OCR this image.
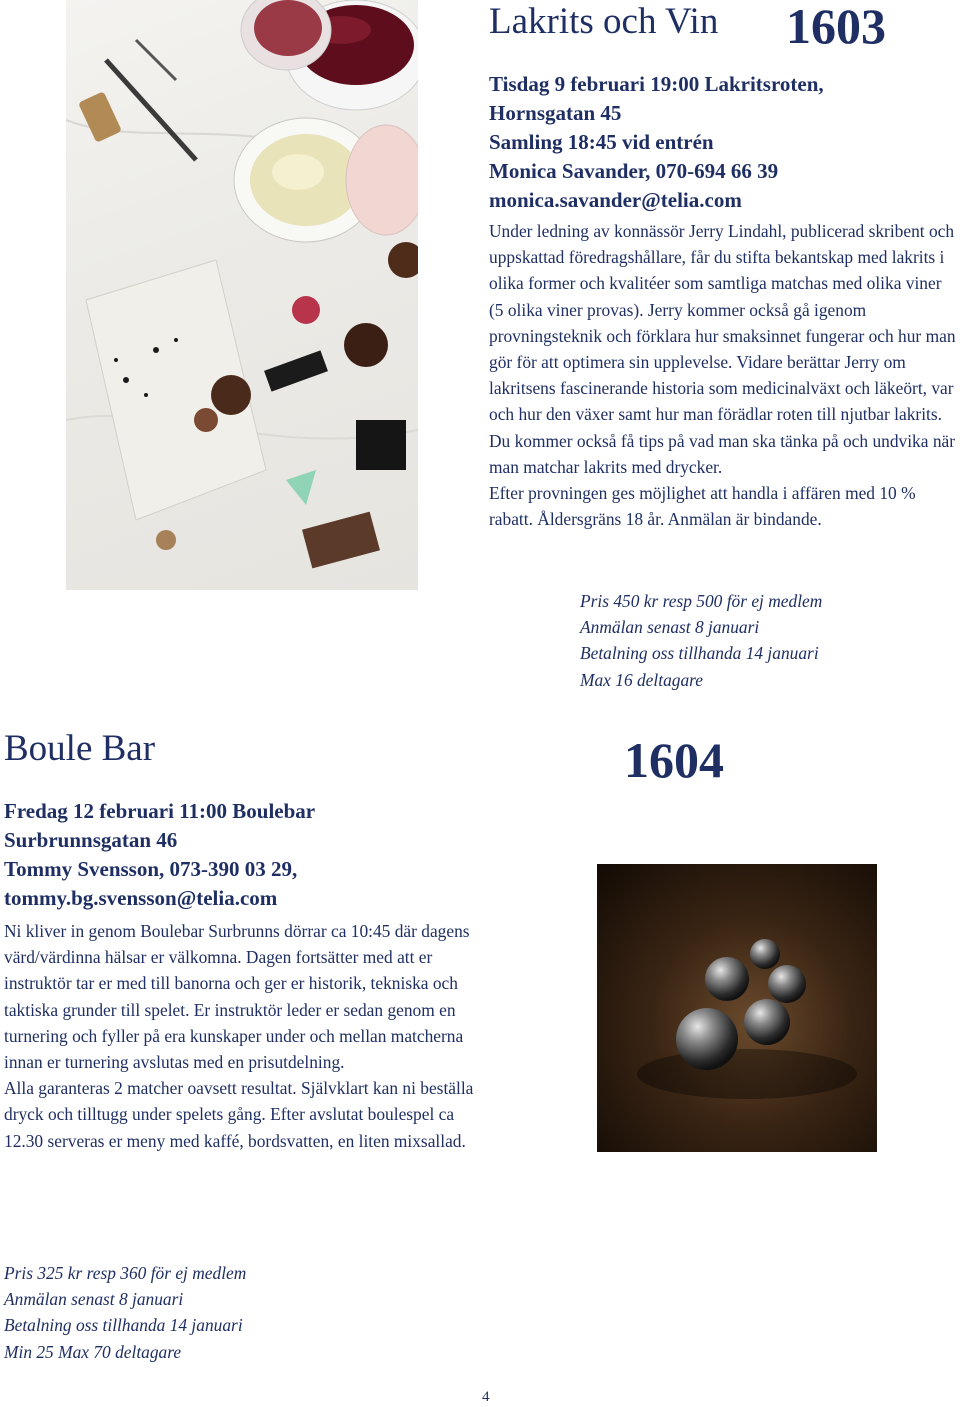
Lakrits och Vin 1603
Tisdag 9 februari 19:00 Lakritsroten,
Hornsgatan 45
Samling 18:45 vid entrén
Monica Savander, 070-694 66 39
monica.savander@telia.com

Under ledning av konnässör Jerry Lindahl, publicerad skribent och uppskattad föredragshållare, får du stifta bekantskap med lakrits i olika former och kvalitéer som samtliga matchas med olika viner (5 olika viner provas). Jerry kommer också gå igenom provningsteknik och förklara hur smaksinnet fungerar och hur man gör för att optimera sin upplevelse. Vidare berättar Jerry om lakritsens fascinerande historia som medicinalväxt och läkeört, var och hur den växer samt hur man förädlar roten till njutbar lakrits. Du kommer också få tips på vad man ska tänka på och undvika när man matchar lakrits med drycker.

Efter provningen ges möjlighet att handla i affären med 10 % rabatt. Åldersgräns 18 år. Anmälan är bindande.

Pris 450 kr resp 500 för ej medlem
Anmälan senast 8 januari
Betalning oss tillhanda 14 januari
Max 16 deltagare
Boule Bar	1604
Fredag 12 februari 11:00 Boulebar
Surbrunnsgatan 46
Tommy Svensson, 073-390 03 29,
tommy.bg.svensson@telia.com

Ni kliver in genom Boulebar Surbrunns dörrar ca 10:45 där dagens värd/värdinna hälsar er välkomna. Dagen fortsätter med att er instruktör tar er med till banorna och ger er historik, tekniska och taktiska grunder till spelet. Er instruktör leder er sedan genom en turnering och fyller på era kunskaper under och mellan matcherna innan er turnering avslutas med en prisutdelning.

Alla garanteras 2 matcher oavsett resultat. Självklart kan ni beställa dryck och tilltugg under spelets gång. Efter avslutat boulespel ca 12.30 serveras er meny med kaffé, bordsvatten, en liten mixsallad.

Pris 325 kr resp 360 för ej medlem
Anmälan senast 8 januari
Betalning oss tillhanda 14 januari
Min 25 Max 70 deltagare
4
